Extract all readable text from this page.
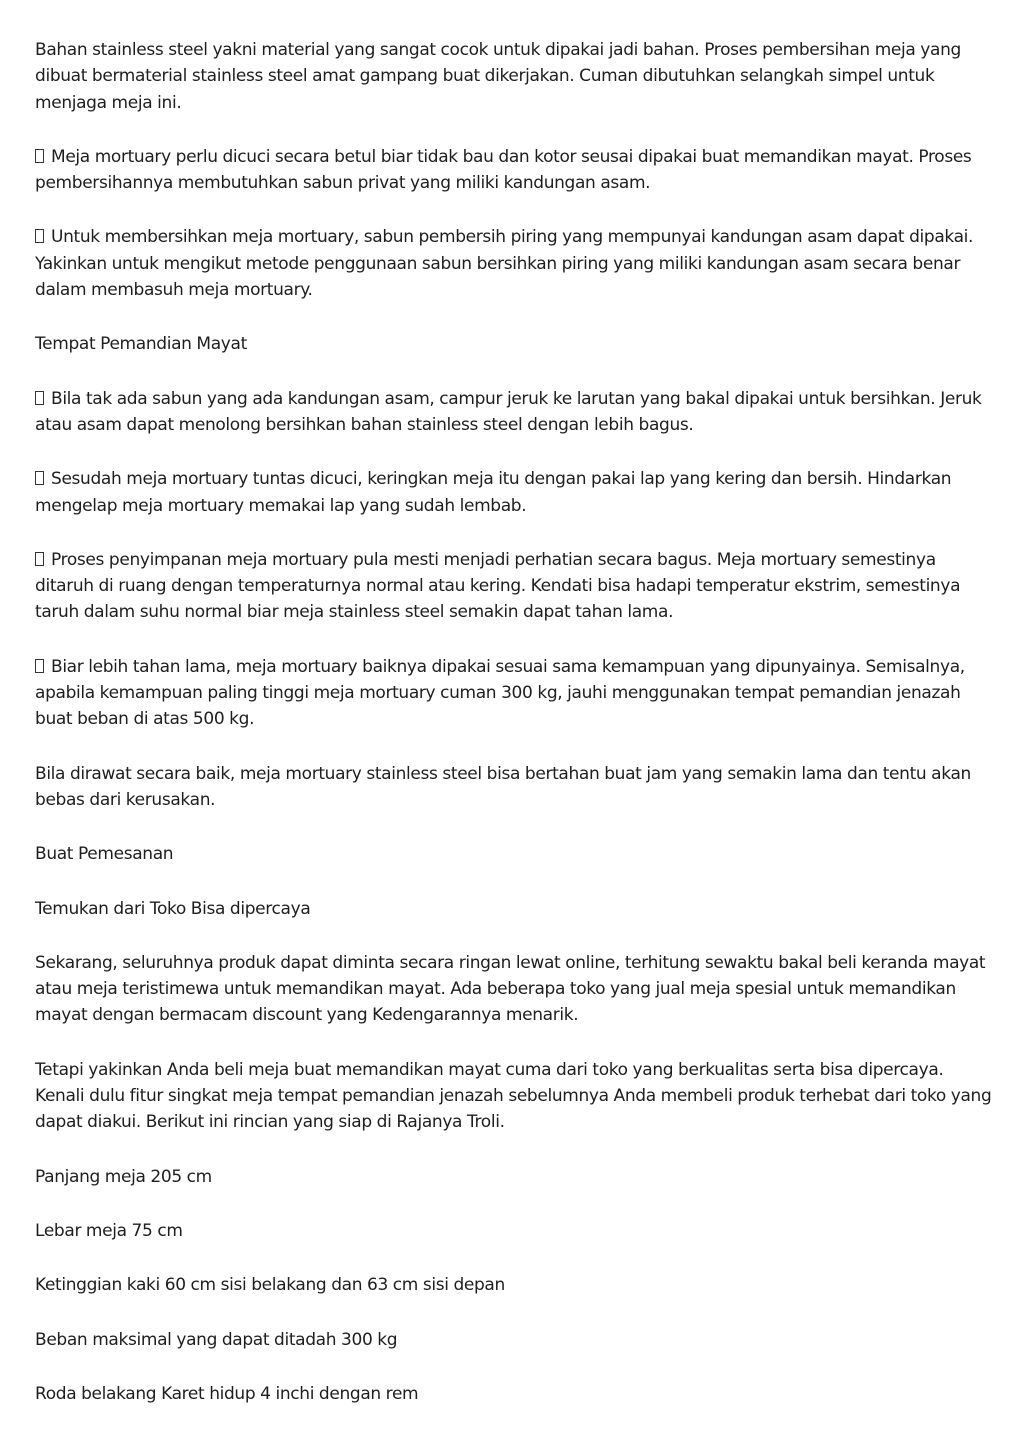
Bahan stainless steel yakni material yang sangat cocok untuk dipakai jadi bahan. Proses pembersihan meja yang dibuat bermaterial stainless steel amat gampang buat dikerjakan. Cuman dibutuhkan selangkah simpel untuk menjaga meja ini.

Meja mortuary perlu dicuci secara betul biar tidak bau dan kotor seusai dipakai buat memandikan mayat. Proses pembersihannya membutuhkan sabun privat yang miliki kandungan asam.

Untuk membersihkan meja mortuary, sabun pembersih piring yang mempunyai kandungan asam dapat dipakai. Yakinkan untuk mengikut metode penggunaan sabun bersihkan piring yang miliki kandungan asam secara benar dalam membasuh meja mortuary.

Tempat Pemandian Mayat

Bila tak ada sabun yang ada kandungan asam, campur jeruk ke larutan yang bakal dipakai untuk bersihkan. Jeruk atau asam dapat menolong bersihkan bahan stainless steel dengan lebih bagus.

Sesudah meja mortuary tuntas dicuci, keringkan meja itu dengan pakai lap yang kering dan bersih. Hindarkan mengelap meja mortuary memakai lap yang sudah lembab.

Proses penyimpanan meja mortuary pula mesti menjadi perhatian secara bagus. Meja mortuary semestinya ditaruh di ruang dengan temperaturnya normal atau kering. Kendati bisa hadapi temperatur ekstrim, semestinya taruh dalam suhu normal biar meja stainless steel semakin dapat tahan lama.

Biar lebih tahan lama, meja mortuary baiknya dipakai sesuai sama kemampuan yang dipunyainya. Semisalnya, apabila kemampuan paling tinggi meja mortuary cuman 300 kg, jauhi menggunakan tempat pemandian jenazah buat beban di atas 500 kg.

Bila dirawat secara baik, meja mortuary stainless steel bisa bertahan buat jam yang semakin lama dan tentu akan bebas dari kerusakan.

Buat Pemesanan

Temukan dari Toko Bisa dipercaya

Sekarang, seluruhnya produk dapat diminta secara ringan lewat online, terhitung sewaktu bakal beli keranda mayat atau meja teristimewa untuk memandikan mayat. Ada beberapa toko yang jual meja spesial untuk memandikan mayat dengan bermacam discount yang Kedengarannya menarik.

Tetapi yakinkan Anda beli meja buat memandikan mayat cuma dari toko yang berkualitas serta bisa dipercaya. Kenali dulu fitur singkat meja tempat pemandian jenazah sebelumnya Anda membeli produk terhebat dari toko yang dapat diakui. Berikut ini rincian yang siap di Rajanya Troli.

Panjang meja 205 cm

Lebar meja 75 cm

Ketinggian kaki 60 cm sisi belakang dan 63 cm sisi depan

Beban maksimal yang dapat ditadah 300 kg

Roda belakang Karet hidup 4 inchi dengan rem
